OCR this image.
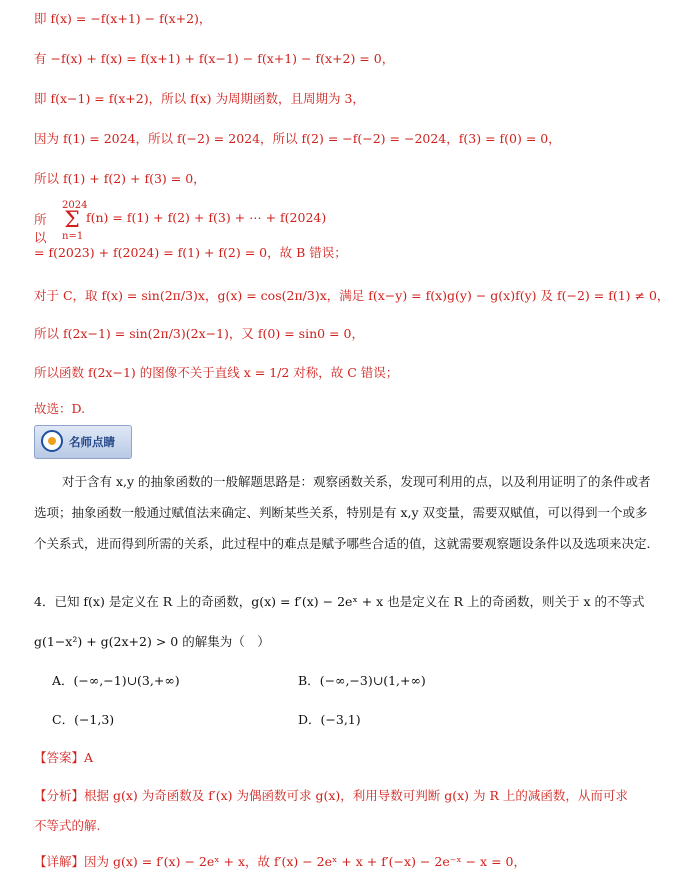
即 f(x) = −f(x+1) − f(x+2)，
有 −f(x) + f(x) = f(x+1) + f(x−1) − f(x+1) − f(x+2) = 0，
即 f(x−1) = f(x+2)，所以 f(x) 为周期函数，且周期为 3，
因为 f(1) = 2024，所以 f(−2) = 2024，所以 f(2) = −f(−2) = −2024，f(3) = f(0) = 0，
所以 f(1) + f(2) + f(3) = 0，
所以
2024
Σ
n=1
f(n) = f(1) + f(2) + f(3) + ⋯ + f(2024)
= f(2023) + f(2024) = f(1) + f(2) = 0，故 B 错误；
对于 C，取 f(x) = sin(2π/3)x，g(x) = cos(2π/3)x，满足 f(x−y) = f(x)g(y) − g(x)f(y) 及 f(−2) = f(1) ≠ 0，
所以 f(2x−1) = sin(2π/3)(2x−1)，又 f(0) = sin0 = 0，
所以函数 f(2x−1) 的图像不关于直线 x = 1/2 对称，故 C 错误；
故选：D.
名师点睛
对于含有 x,y 的抽象函数的一般解题思路是：观察函数关系，发现可利用的点，以及利用证明了的条件或者选项；抽象函数一般通过赋值法来确定、判断某些关系，特别是有 x,y 双变量，需要双赋值，可以得到一个或多个关系式，进而得到所需的关系，此过程中的难点是赋予哪些合适的值，这就需要观察题设条件以及选项来决定.
4．已知 f(x) 是定义在 R 上的奇函数，g(x) = f′(x) − 2eˣ + x 也是定义在 R 上的奇函数，则关于 x 的不等式
g(1−x²) + g(2x+2) > 0 的解集为（　）
A．(−∞,−1)∪(3,+∞)	B．(−∞,−3)∪(1,+∞)
C．(−1,3)	D．(−3,1)
【答案】A
【分析】根据 g(x) 为奇函数及 f′(x) 为偶函数可求 g(x)，利用导数可判断 g(x) 为 R 上的减函数，从而可求
不等式的解.
【详解】因为 g(x) = f′(x) − 2eˣ + x，故 f′(x) − 2eˣ + x + f′(−x) − 2e⁻ˣ − x = 0，
